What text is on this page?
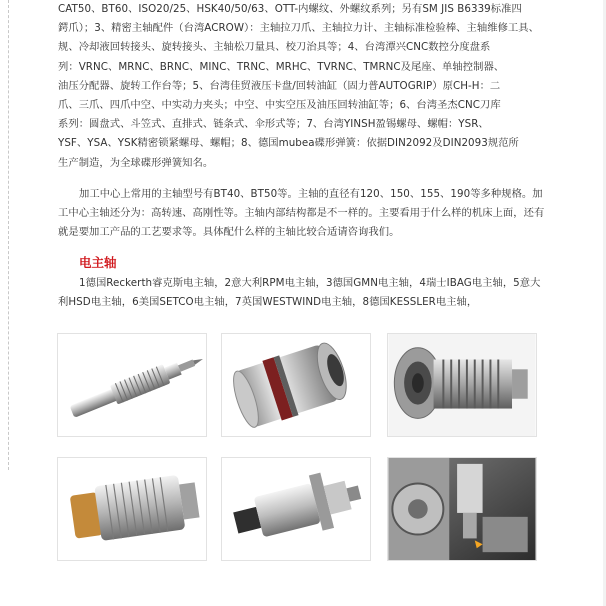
CAT50、BT60、ISO20/25、HSK40/50/63、OTT-内螺纹、外螺纹系列；另有SM JIS B6339标准四
鍔爪）；3、精密主轴配件（台湾ACROW）：主轴拉刀爪、主轴拉力计、主轴标准检验棒、主轴维修工具、
规、冷却液回转接头、旋转接头、主轴松刀量具、校刀治具等；4、台湾潭兴CNC数控分度盘系
列：VRNC、MRNC、BRNC、MINC、TRNC、MRHC、TVRNC、TMRNC及尾座、单轴控制器、
油压分配器、旋转工作台等；5、台湾佳贸液压卡盘/回转油缸（固力普AUTOGRIP）原CH-H：二
爪、三爪、四爪中空、中实动力夹头；中空、中实空压及油压回转油缸等；6、台湾圣杰CNC刀库
系列：圆盘式、斗笠式、直排式、链条式、伞形式等；7、台湾YINSH盈锡螺母、螺帽：YSR、
YSF、YSA、YSK精密锁紧螺母、螺帽；8、德国mubea碟形弹簧：依据DIN2092及DIN2093规范所
生产制造，为全球碟形弹簧知名。

加工中心上常用的主轴型号有BT40、BT50等。主轴的直径有120、150、155、190等多种规格。加工中心主轴还分为：高转速、高刚性等。主轴内部结构都是不一样的。主要看用于什么样的机床上面，还有就是要加工产品的工艺要求等。具体配什么样的主轴比较合适请咨询我们。

电主轴

1德国Reckerth睿克斯电主轴，2意大利RPM电主轴，3德国GMN电主轴，4瑞士IBAG电主轴，5意大利HSD电主轴，6美国SETCO电主轴，7英国WESTWIND电主轴，8德国KESSLER电主轴，
